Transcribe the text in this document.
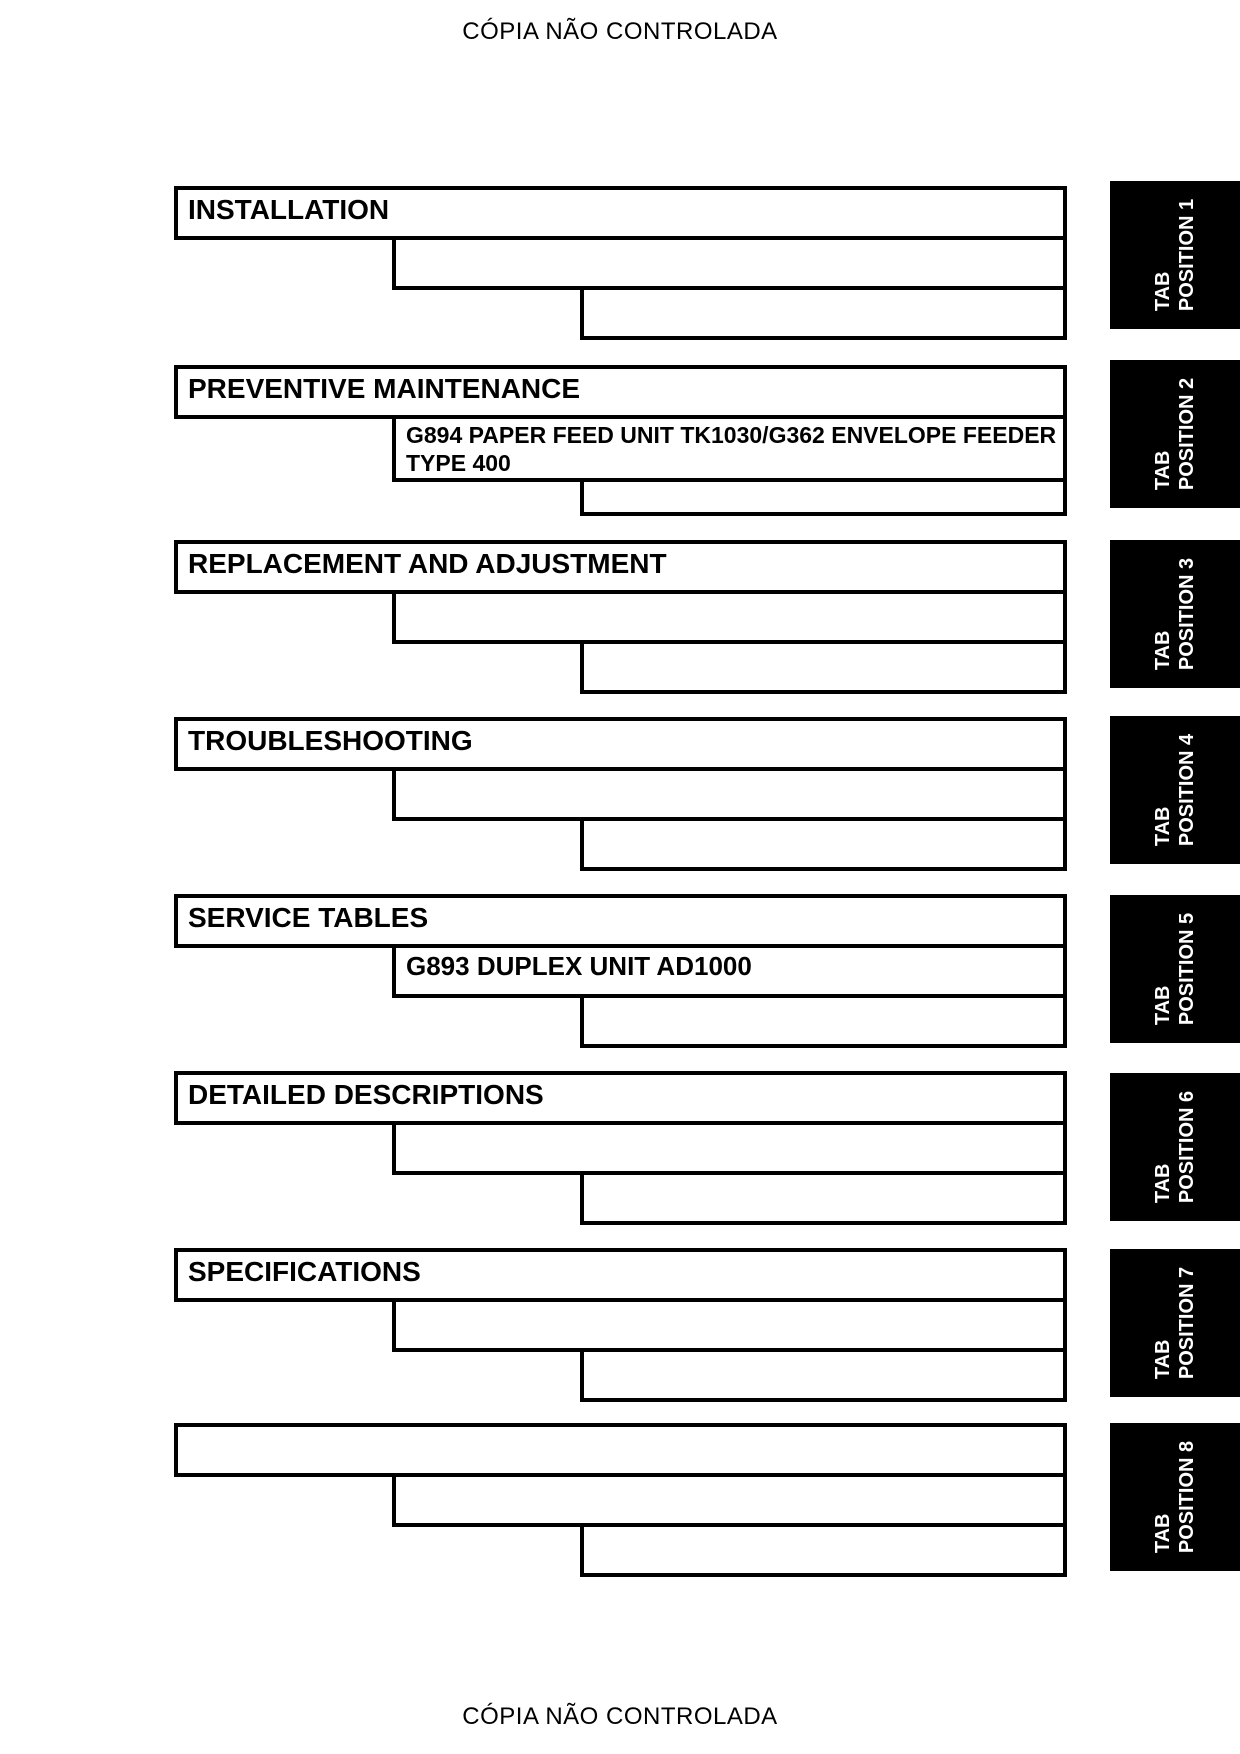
CÓPIA NÃO CONTROLADA
INSTALLATION
TAB POSITION 1
PREVENTIVE MAINTENANCE
G894 PAPER FEED UNIT TK1030/G362 ENVELOPE FEEDER TYPE 400	TAB POSITION 2
REPLACEMENT AND ADJUSTMENT
TAB POSITION 3
TROUBLESHOOTING
TAB POSITION 4
SERVICE TABLES
G893 DUPLEX UNIT AD1000
TAB POSITION 5
DETAILED DESCRIPTIONS
TAB POSITION 6
SPECIFICATIONS
TAB POSITION 7
TAB POSITION 8
CÓPIA NÃO CONTROLADA
